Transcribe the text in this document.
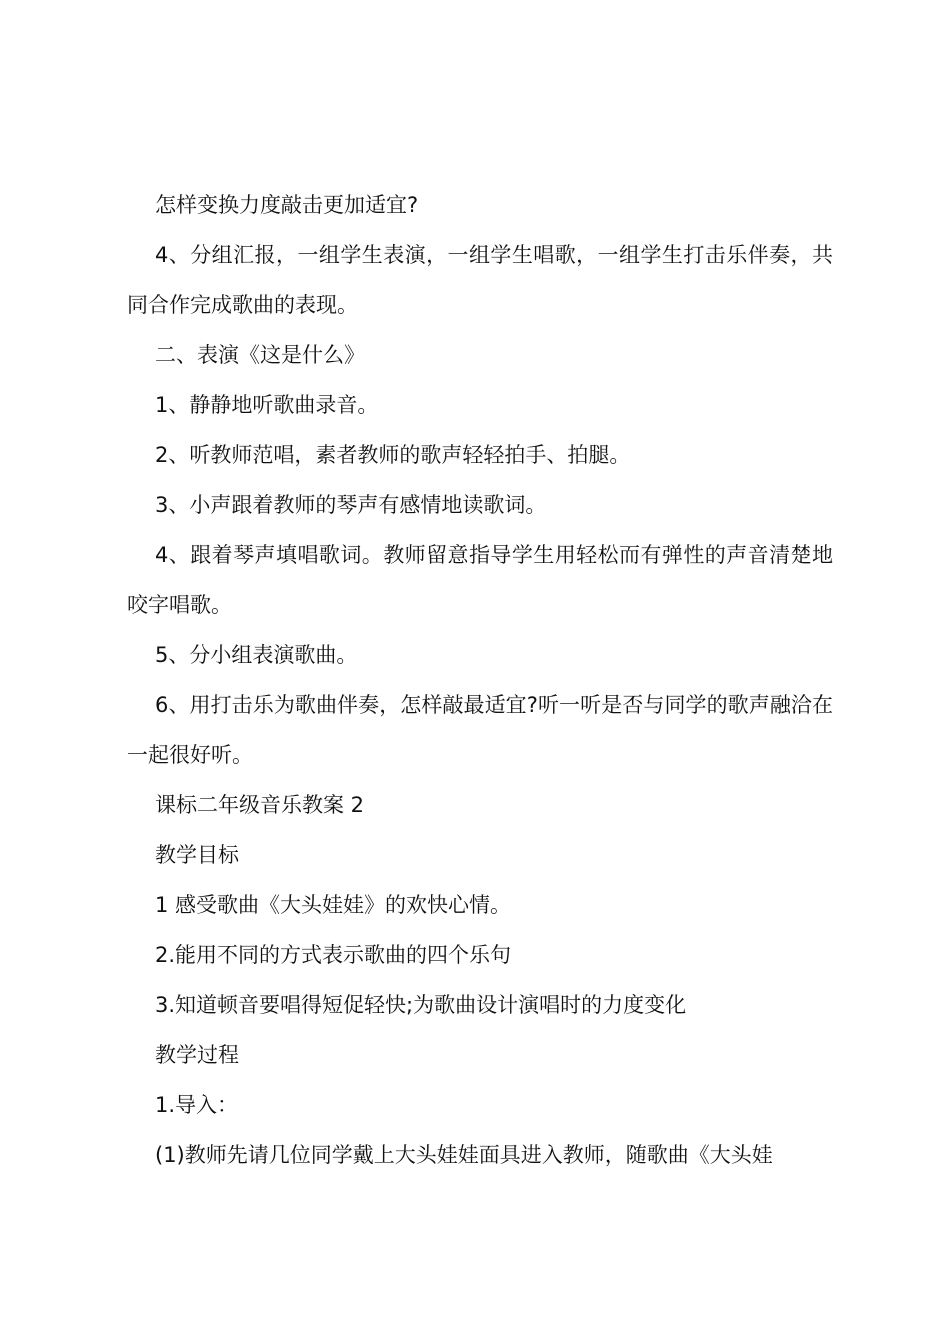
怎样变换力度敲击更加适宜?

4、分组汇报，一组学生表演，一组学生唱歌，一组学生打击乐伴奏，共同合作完成歌曲的表现。

二、表演《这是什么》

1、静静地听歌曲录音。

2、听教师范唱，素者教师的歌声轻轻拍手、拍腿。

3、小声跟着教师的琴声有感情地读歌词。

4、跟着琴声填唱歌词。教师留意指导学生用轻松而有弹性的声音清楚地咬字唱歌。

5、分小组表演歌曲。

6、用打击乐为歌曲伴奏，怎样敲最适宜?听一听是否与同学的歌声融洽在一起很好听。

课标二年级音乐教案 2

教学目标

1 感受歌曲《大头娃娃》的欢快心情。

2.能用不同的方式表示歌曲的四个乐句

3.知道顿音要唱得短促轻快;为歌曲设计演唱时的力度变化

教学过程

1.导入：

(1)教师先请几位同学戴上大头娃娃面具进入教师，随歌曲《大头娃
